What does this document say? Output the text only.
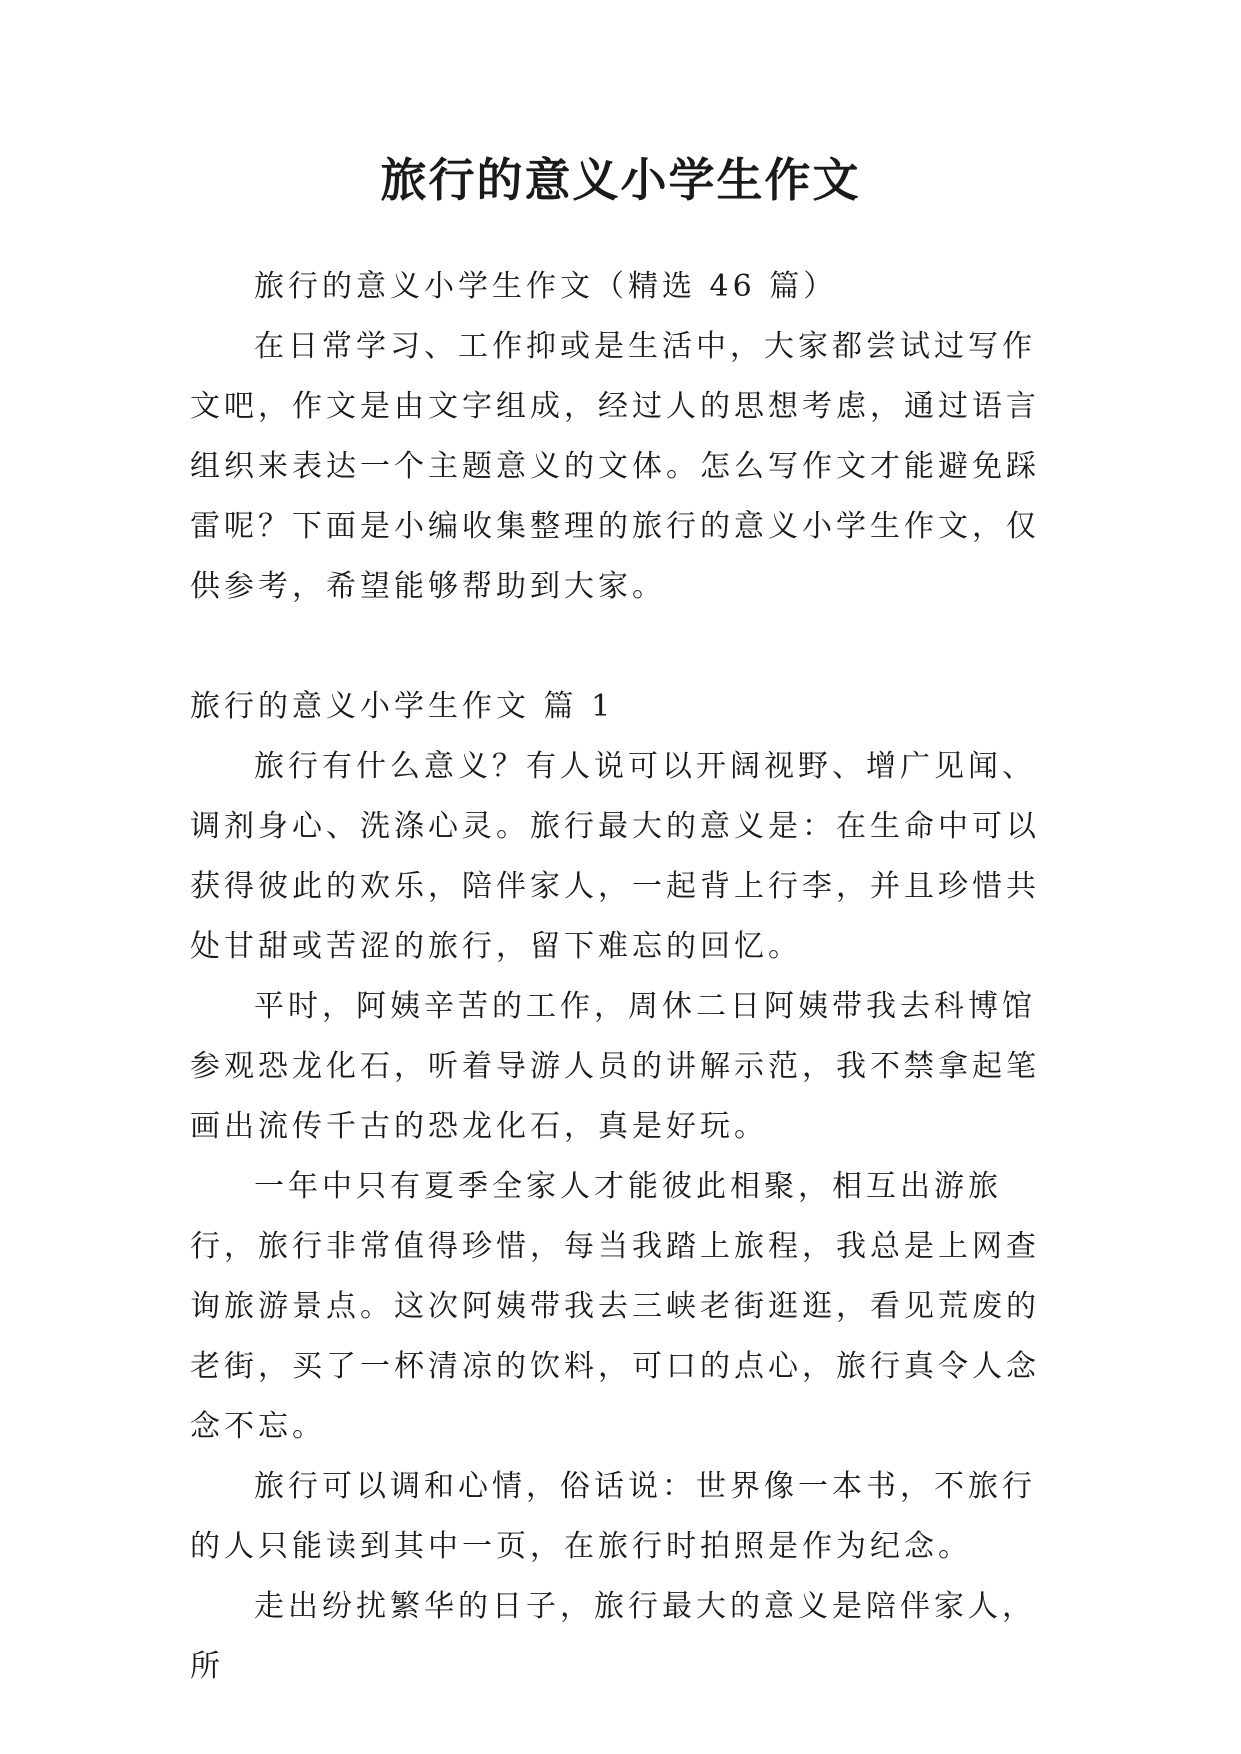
旅行的意义小学生作文

旅行的意义小学生作文（精选 46 篇）

在日常学习、工作抑或是生活中，大家都尝试过写作文吧，作文是由文字组成，经过人的思想考虑，通过语言组织来表达一个主题意义的文体。怎么写作文才能避免踩雷呢？下面是小编收集整理的旅行的意义小学生作文，仅供参考，希望能够帮助到大家。

旅行的意义小学生作文 篇 1

旅行有什么意义？有人说可以开阔视野、增广见闻、调剂身心、洗涤心灵。旅行最大的意义是：在生命中可以获得彼此的欢乐，陪伴家人，一起背上行李，并且珍惜共处甘甜或苦涩的旅行，留下难忘的回忆。

平时，阿姨辛苦的工作，周休二日阿姨带我去科博馆参观恐龙化石，听着导游人员的讲解示范，我不禁拿起笔画出流传千古的恐龙化石，真是好玩。

一年中只有夏季全家人才能彼此相聚，相互出游旅行，旅行非常值得珍惜，每当我踏上旅程，我总是上网查询旅游景点。这次阿姨带我去三峡老街逛逛，看见荒废的老街，买了一杯清凉的饮料，可口的点心，旅行真令人念念不忘。

旅行可以调和心情，俗话说：世界像一本书，不旅行的人只能读到其中一页，在旅行时拍照是作为纪念。

走出纷扰繁华的日子，旅行最大的意义是陪伴家人，所
